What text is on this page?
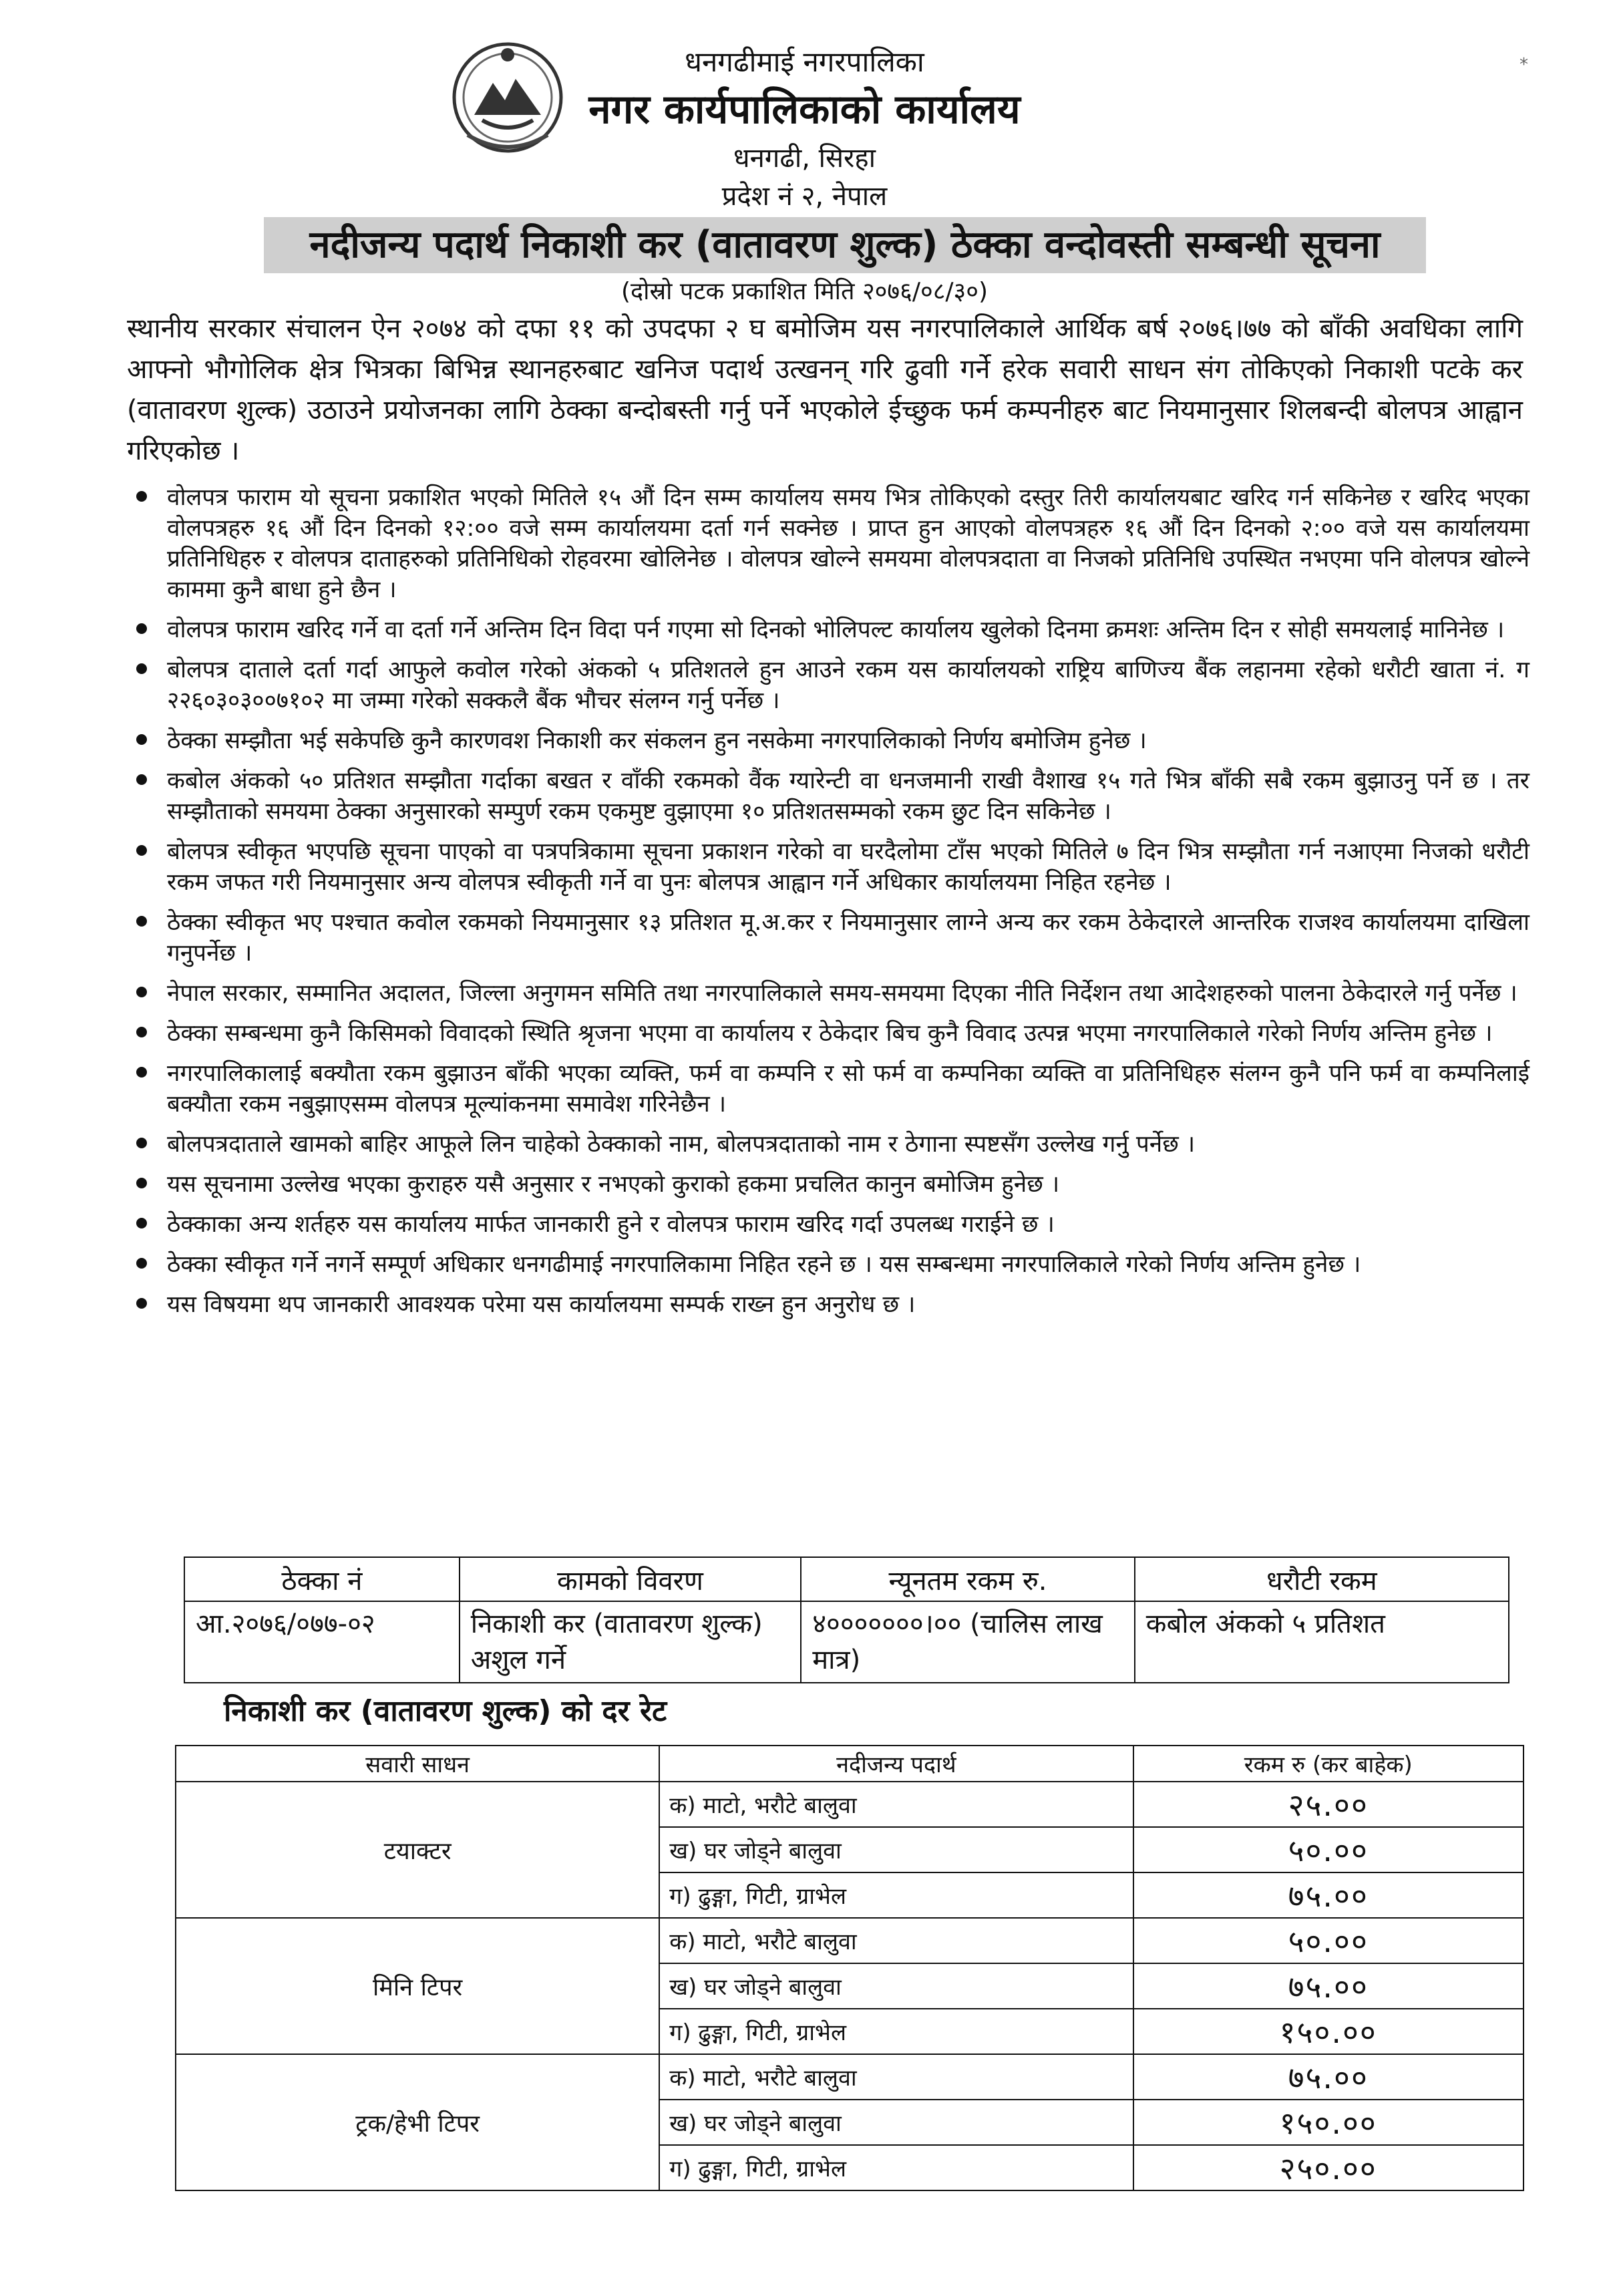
*
धनगढीमाई नगरपालिका
नगर कार्यपालिकाको कार्यालय
धनगढी, सिरहा
प्रदेश नं २, नेपाल
नदीजन्य पदार्थ निकाशी कर (वातावरण शुल्क) ठेक्का वन्दोवस्ती सम्बन्धी सूचना
(दोस्रो पटक प्रकाशित मिति २०७६/०८/३०)
स्थानीय सरकार संचालन ऐन २०७४ को दफा ११ को उपदफा २ घ बमोजिम यस नगरपालिकाले आर्थिक बर्ष २०७६।७७ को बाँकी अवधिका लागि आफ्नो भौगोलिक क्षेत्र भित्रका बिभिन्न स्थानहरुबाट खनिज पदार्थ उत्खनन् गरि ढुवाी गर्ने हरेक सवारी साधन संग तोकिएको निकाशी पटके कर (वातावरण शुल्क) उठाउने प्रयोजनका लागि ठेक्का बन्दोबस्ती गर्नु पर्ने भएकोले ईच्छुक फर्म कम्पनीहरु बाट नियमानुसार शिलबन्दी बोलपत्र आह्वान गरिएकोछ ।
वोलपत्र फाराम यो सूचना प्रकाशित भएको मितिले १५ औं दिन सम्म कार्यालय समय भित्र तोकिएको दस्तुर तिरी कार्यालयबाट खरिद गर्न सकिनेछ र खरिद भएका वोलपत्रहरु १६ औं दिन दिनको १२:०० वजे सम्म कार्यालयमा दर्ता गर्न सक्नेछ । प्राप्त हुन आएको वोलपत्रहरु १६ औं दिन दिनको २:०० वजे यस कार्यालयमा प्रतिनिधिहरु र वोलपत्र दाताहरुको प्रतिनिधिको रोहवरमा खोलिनेछ । वोलपत्र खोल्ने समयमा वोलपत्रदाता वा निजको प्रतिनिधि उपस्थित नभएमा पनि वोलपत्र खोल्ने काममा कुनै बाधा हुने छैन ।
वोलपत्र फाराम खरिद गर्ने वा दर्ता गर्ने अन्तिम दिन विदा पर्न गएमा सो दिनको भोलिपल्ट कार्यालय खुलेको दिनमा क्रमशः अन्तिम दिन र सोही समयलाई मानिनेछ ।
बोलपत्र दाताले दर्ता गर्दा आफुले कवोल गरेको अंकको ५ प्रतिशतले हुन आउने रकम यस कार्यालयको राष्ट्रिय बाणिज्य बैंक लहानमा रहेको धरौटी खाता नं. ग २२६०३०३००७१०२ मा जम्मा गरेको सक्कलै बैंक भौचर संलग्न गर्नु पर्नेछ ।
ठेक्का सम्झौता भई सकेपछि कुनै कारणवश निकाशी कर संकलन हुन नसकेमा नगरपालिकाको निर्णय बमोजिम हुनेछ ।
कबोल अंकको ५० प्रतिशत सम्झौता गर्दाका बखत र वाँकी रकमको वैंक ग्यारेन्टी वा धनजमानी राखी वैशाख १५ गते भित्र बाँकी सबै रकम बुझाउनु पर्ने छ । तर सम्झौताको समयमा ठेक्का अनुसारको सम्पुर्ण रकम एकमुष्ट वुझाएमा १० प्रतिशतसम्मको रकम छुट दिन सकिनेछ ।
बोलपत्र स्वीकृत भएपछि सूचना पाएको वा पत्रपत्रिकामा सूचना प्रकाशन गरेको वा घरदैलोमा टाँस भएको मितिले ७ दिन भित्र सम्झौता गर्न नआएमा निजको धरौटी रकम जफत गरी नियमानुसार अन्य वोलपत्र स्वीकृती गर्ने वा पुनः बोलपत्र आह्वान गर्ने अधिकार कार्यालयमा निहित रहनेछ ।
ठेक्का स्वीकृत भए पश्चात कवोल रकमको नियमानुसार १३ प्रतिशत मू.अ.कर र नियमानुसार लाग्ने अन्य कर रकम ठेकेदारले आन्तरिक राजश्व कार्यालयमा दाखिला गनुपर्नेछ ।
नेपाल सरकार, सम्मानित अदालत, जिल्ला अनुगमन समिति तथा नगरपालिकाले समय-समयमा दिएका नीति निर्देशन तथा आदेशहरुको पालना ठेकेदारले गर्नु पर्नेछ ।
ठेक्का सम्बन्धमा कुनै किसिमको विवादको स्थिति श्रृजना भएमा वा कार्यालय र ठेकेदार बिच कुनै विवाद उत्पन्न भएमा नगरपालिकाले गरेको निर्णय अन्तिम हुनेछ ।
नगरपालिकालाई बक्यौता रकम बुझाउन बाँकी भएका व्यक्ति, फर्म वा कम्पनि र सो फर्म वा कम्पनिका व्यक्ति वा प्रतिनिधिहरु संलग्न कुनै पनि फर्म वा कम्पनिलाई बक्यौता रकम नबुझाएसम्म वोलपत्र मूल्यांकनमा समावेश गरिनेछैन ।
बोलपत्रदाताले खामको बाहिर आफूले लिन चाहेको ठेक्काको नाम, बोलपत्रदाताको नाम र ठेगाना स्पष्टसँग उल्लेख गर्नु पर्नेछ ।
यस सूचनामा उल्लेख भएका कुराहरु यसै अनुसार र नभएको कुराको हकमा प्रचलित कानुन बमोजिम हुनेछ ।
ठेक्काका अन्य शर्तहरु यस कार्यालय मार्फत जानकारी हुने र वोलपत्र फाराम खरिद गर्दा उपलब्ध गराईने छ ।
ठेक्का स्वीकृत गर्ने नगर्ने सम्पूर्ण अधिकार धनगढीमाई नगरपालिकामा निहित रहने छ । यस सम्बन्धमा नगरपालिकाले गरेको निर्णय अन्तिम हुनेछ ।
यस विषयमा थप जानकारी आवश्यक परेमा यस कार्यालयमा सम्पर्क राख्न हुन अनुरोध छ ।
ठेक्का नं	कामको विवरण	न्यूनतम रकम रु.	धरौटी रकम
आ.२०७६/०७७-०२	निकाशी कर (वातावरण शुल्क) अशुल गर्ने	४०००००००।०० (चालिस लाख मात्र)	कबोल अंकको ५ प्रतिशत
निकाशी कर (वातावरण शुल्क) को दर रेट
सवारी साधन	नदीजन्य पदार्थ	रकम रु (कर बाहेक)
टयाक्टर	क) माटो, भरौटे बालुवा	२५.००
	ख) घर जोड्ने बालुवा	५०.००
	ग) ढुङ्गा, गिटी, ग्राभेल	७५.००
मिनि टिपर	क) माटो, भरौटे बालुवा	५०.००
	ख) घर जोड्ने बालुवा	७५.००
	ग) ढुङ्गा, गिटी, ग्राभेल	१५०.००
ट्रक/हेभी टिपर	क) माटो, भरौटे बालुवा	७५.००
	ख) घर जोड्ने बालुवा	१५०.००
	ग) ढुङ्गा, गिटी, ग्राभेल	२५०.००
